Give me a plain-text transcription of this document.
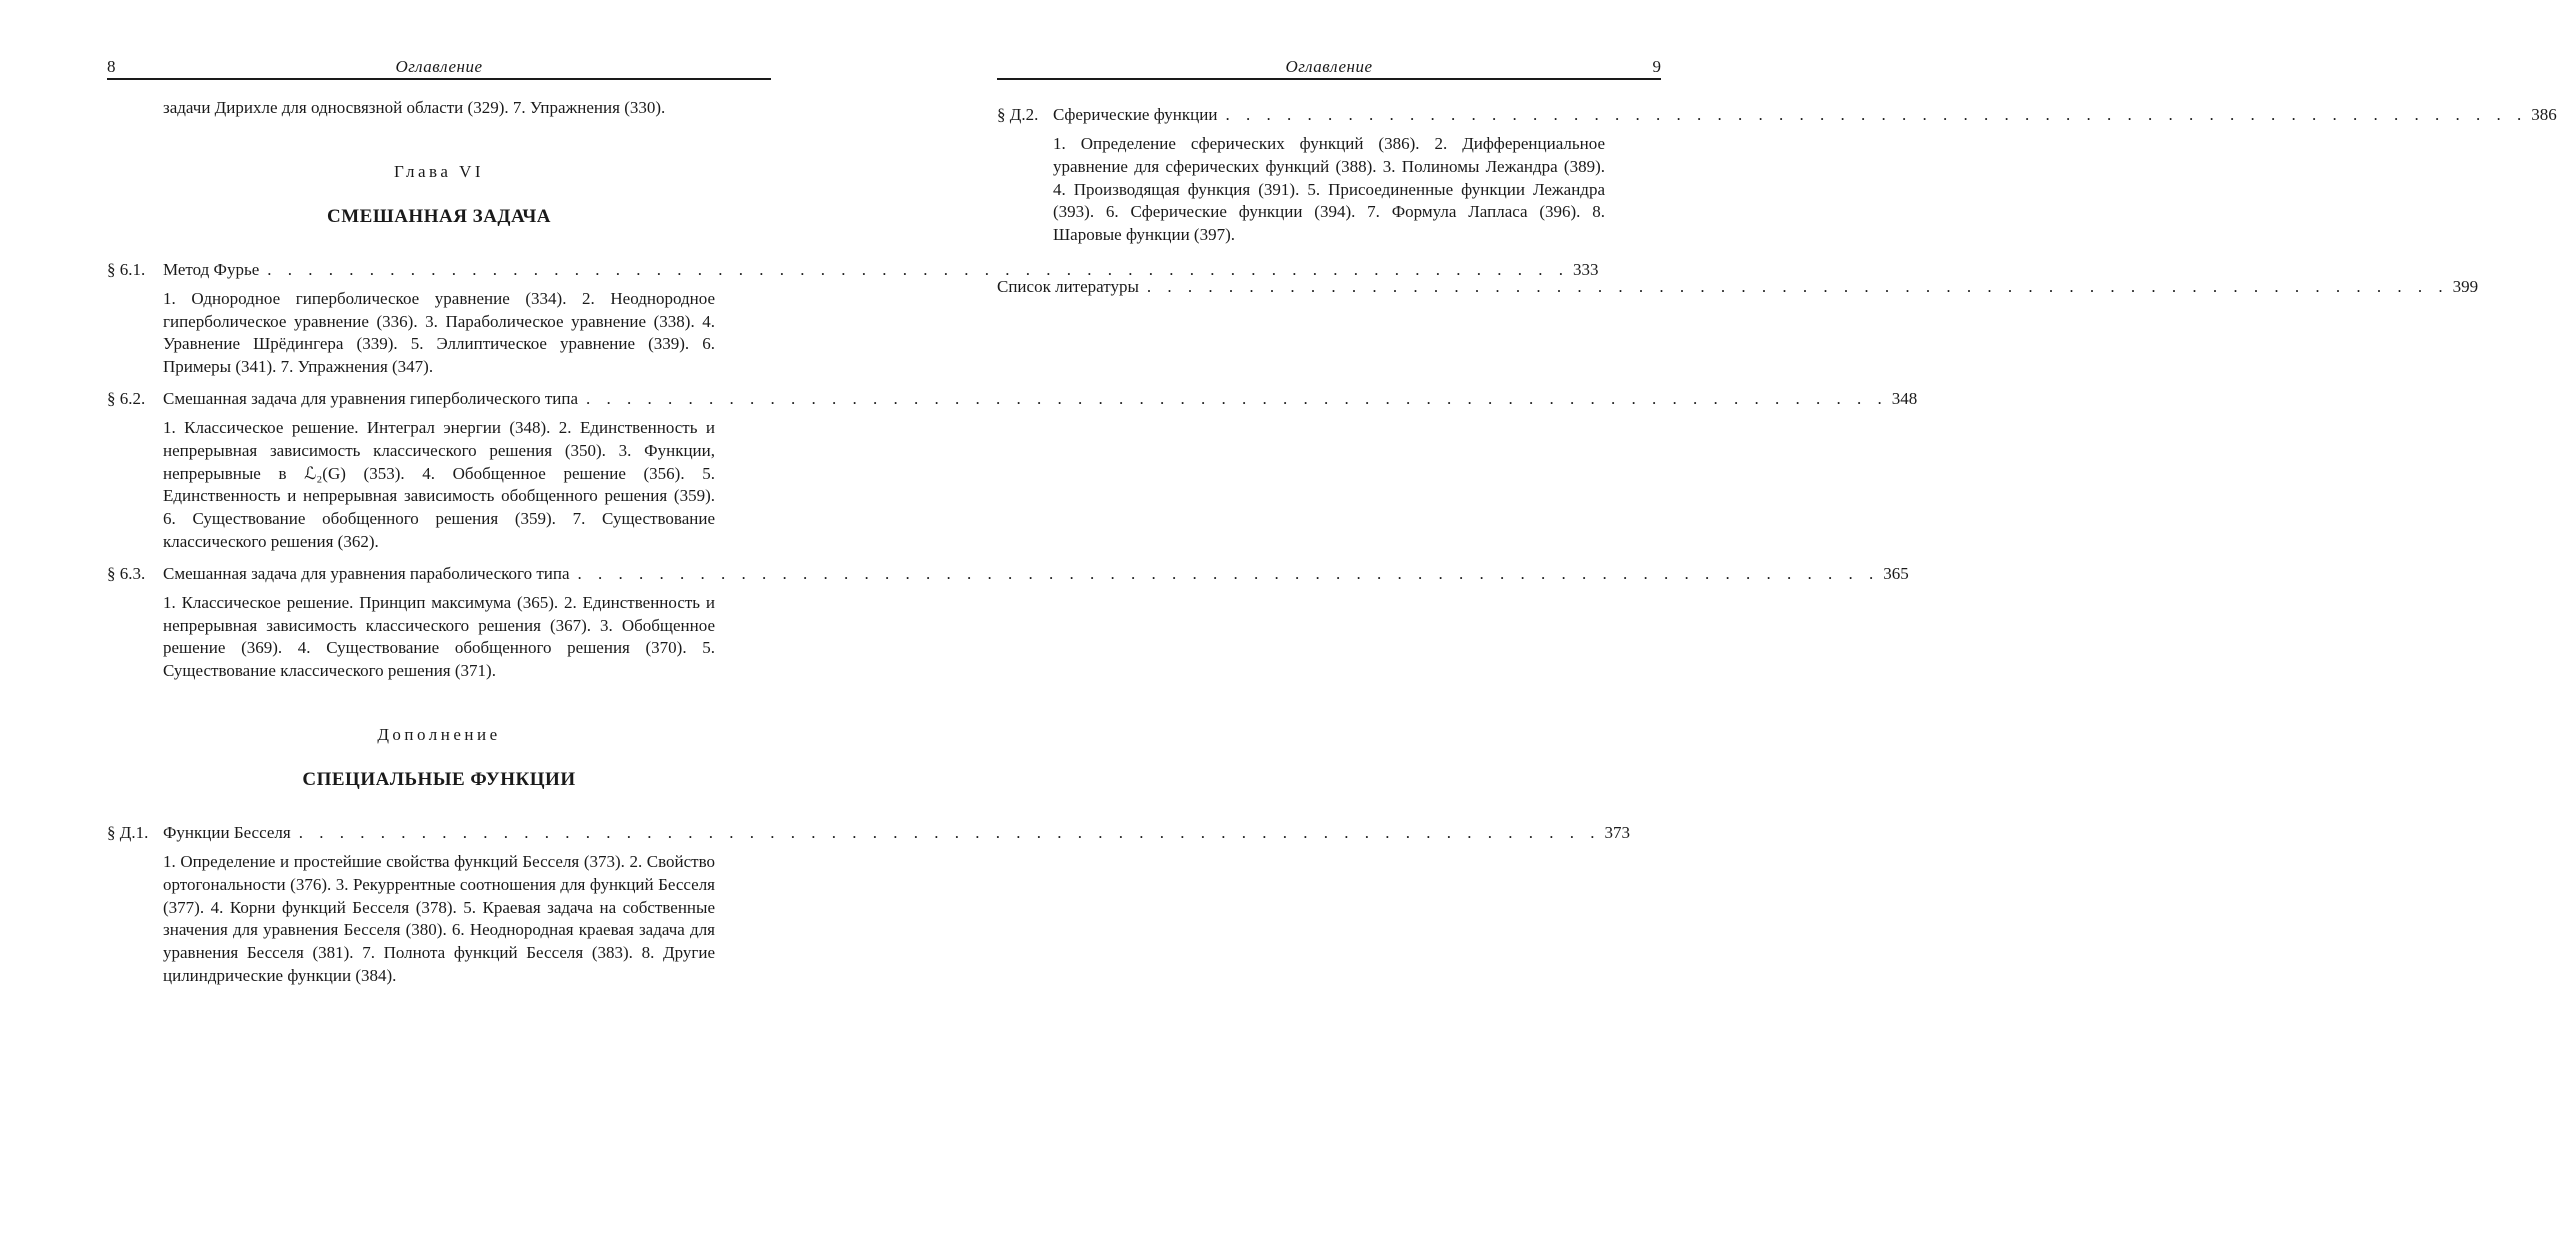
8	Оглавление
задачи Дирихле для односвязной области (329). 7. Упражнения (330).
Глава VI
СМЕШАННАЯ ЗАДАЧА
§ 6.1.	Метод Фурье . . . . . . . . . . . . . . . . . . . . . . . . . . . . . . . . . . . . . . . . . . . . . . . . . . . . . . . . . . . . . . . . 333
1. Однородное гиперболическое уравнение (334). 2. Неоднородное гиперболическое уравнение (336). 3. Параболическое уравнение (338). 4. Уравнение Шрёдингера (339). 5. Эллиптическое уравнение (339). 6. Примеры (341). 7. Упражнения (347).
§ 6.2.	Смешанная задача для уравнения гиперболического типа . . . . . . . . . . . . . . . . . . . . . . . . . . . . . . . . . . . . . . . . . . . . . . . . . . . . . . . . . . . . . . . . 348
1. Классическое решение. Интеграл энергии (348). 2. Единственность и непрерывная зависимость классического решения (350). 3. Функции, непрерывные в ℒ₂(G) (353). 4. Обобщенное решение (356). 5. Единственность и непрерывная зависимость обобщенного решения (359). 6. Существование обобщенного решения (359). 7. Существование классического решения (362).
§ 6.3.	Смешанная задача для уравнения параболического типа . . . . . . . . . . . . . . . . . . . . . . . . . . . . . . . . . . . . . . . . . . . . . . . . . . . . . . . . . . . . . . . . 365
1. Классическое решение. Принцип максимума (365). 2. Единственность и непрерывная зависимость классического решения (367). 3. Обобщенное решение (369). 4. Существование обобщенного решения (370). 5. Существование классического решения (371).
Дополнение
СПЕЦИАЛЬНЫЕ ФУНКЦИИ
§ Д.1. Функции Бесселя . . . . . . . . . . . . . . . . . . . . . . . . . . . . . . . . . . . . . . . . . . . . . . . . . . . . . . . . . . . . . . . . 373
1. Определение и простейшие свойства функций Бесселя (373). 2. Свойство ортогональности (376). 3. Рекуррентные соотношения для функций Бесселя (377). 4. Корни функций Бесселя (378). 5. Краевая задача на собственные значения для уравнения Бесселя (380). 6. Неоднородная краевая задача для уравнения Бесселя (381). 7. Полнота функций Бесселя (383). 8. Другие цилиндрические функции (384).
Оглавление	9
§ Д.2. Сферические функции . . . . . . . . . . . . . . . . . . . . . . . . . . . . . . . . . . . . . . . . . . . . . . . . . . . . . . . . . . . . . . . . 386
1. Определение сферических функций (386). 2. Дифференциальное уравнение для сферических функций (388). 3. Полиномы Лежандра (389). 4. Производящая функция (391). 5. Присоединенные функции Лежандра (393). 6. Сферические функции (394). 7. Формула Лапласа (396). 8. Шаровые функции (397).
Список литературы . . . . . . . . . . . . . . . . . . . . . . . . . . . . . . . . . . . . . . . . . . . . . . . . . . . . . . . . . . . . . . . . 399
